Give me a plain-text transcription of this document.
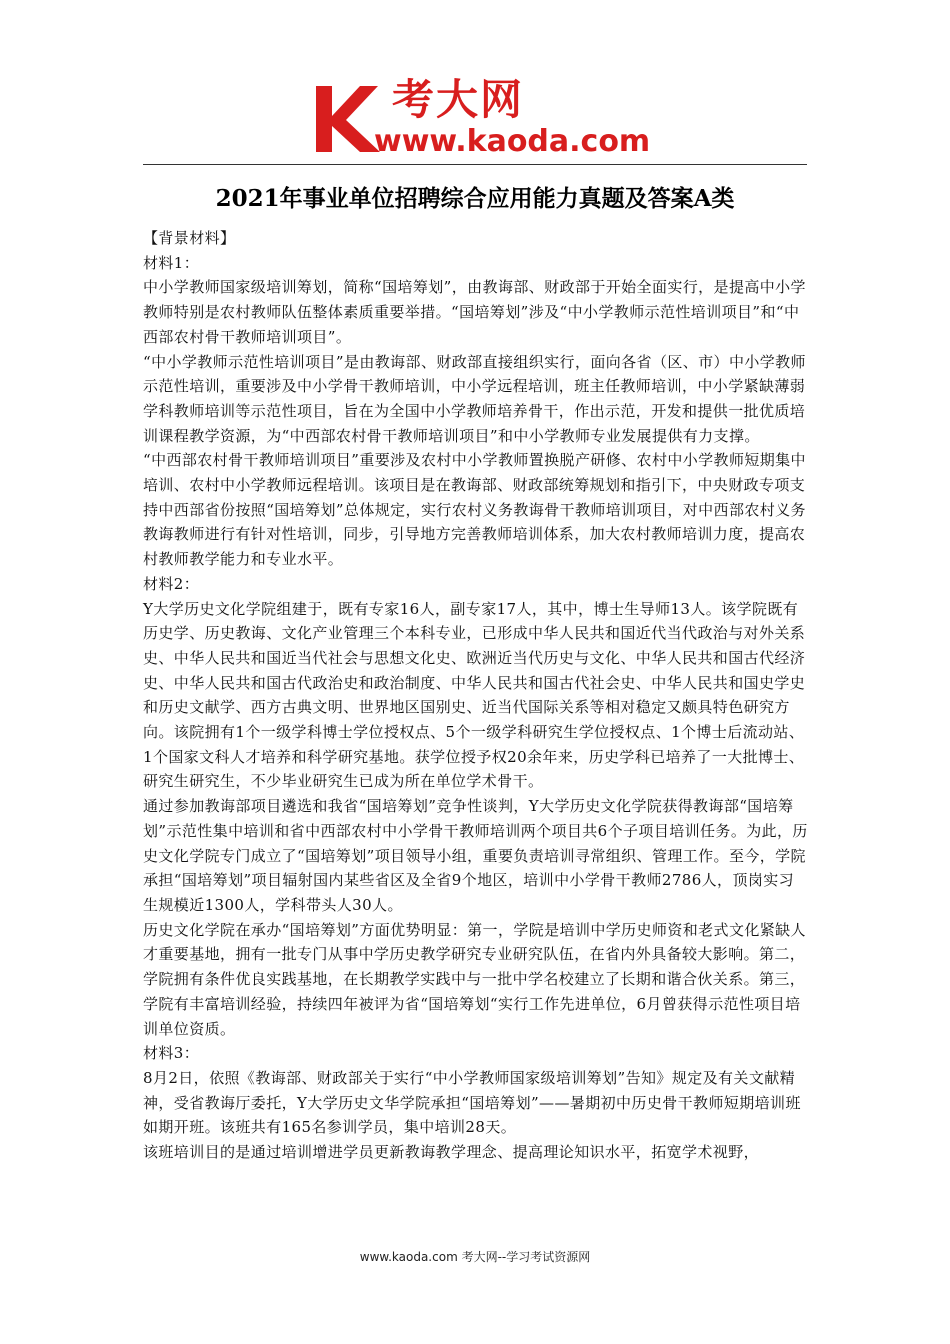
考大网
www.kaoda.com
2021年事业单位招聘综合应用能力真题及答案A类

【背景材料】

材料1：

中小学教师国家级培训筹划，简称“国培筹划”，由教诲部、财政部于开始全面实行，是提高中小学教师特别是农村教师队伍整体素质重要举措。“国培筹划”涉及“中小学教师示范性培训项目”和“中西部农村骨干教师培训项目”。

“中小学教师示范性培训项目”是由教诲部、财政部直接组织实行，面向各省（区、市）中小学教师示范性培训，重要涉及中小学骨干教师培训，中小学远程培训，班主任教师培训，中小学紧缺薄弱学科教师培训等示范性项目，旨在为全国中小学教师培养骨干，作出示范，开发和提供一批优质培训课程教学资源，为“中西部农村骨干教师培训项目”和中小学教师专业发展提供有力支撑。

“中西部农村骨干教师培训项目”重要涉及农村中小学教师置换脱产研修、农村中小学教师短期集中培训、农村中小学教师远程培训。该项目是在教诲部、财政部统筹规划和指引下，中央财政专项支持中西部省份按照“国培筹划”总体规定，实行农村义务教诲骨干教师培训项目，对中西部农村义务教诲教师进行有针对性培训，同步，引导地方完善教师培训体系，加大农村教师培训力度，提高农村教师教学能力和专业水平。

材料2：

Y大学历史文化学院组建于，既有专家16人，副专家17人，其中，博士生导师13人。该学院既有历史学、历史教诲、文化产业管理三个本科专业，已形成中华人民共和国近代当代政治与对外关系史、中华人民共和国近当代社会与思想文化史、欧洲近当代历史与文化、中华人民共和国古代经济史、中华人民共和国古代政治史和政治制度、中华人民共和国古代社会史、中华人民共和国史学史和历史文献学、西方古典文明、世界地区国别史、近当代国际关系等相对稳定又颇具特色研究方向。该院拥有1个一级学科博士学位授权点、5个一级学科研究生学位授权点、1个博士后流动站、1个国家文科人才培养和科学研究基地。获学位授予权20余年来，历史学科已培养了一大批博士、研究生研究生，不少毕业研究生已成为所在单位学术骨干。

通过参加教诲部项目遴选和我省“国培筹划”竞争性谈判，Y大学历史文化学院获得教诲部“国培筹划”示范性集中培训和省中西部农村中小学骨干教师培训两个项目共6个子项目培训任务。为此，历史文化学院专门成立了“国培筹划”项目领导小组，重要负责培训寻常组织、管理工作。至今，学院承担“国培筹划”项目辐射国内某些省区及全省9个地区，培训中小学骨干教师2786人，顶岗实习生规模近1300人，学科带头人30人。

历史文化学院在承办“国培筹划”方面优势明显：第一，学院是培训中学历史师资和老式文化紧缺人才重要基地，拥有一批专门从事中学历史教学研究专业研究队伍，在省内外具备较大影响。第二，学院拥有条件优良实践基地，在长期教学实践中与一批中学名校建立了长期和谐合伙关系。第三，学院有丰富培训经验，持续四年被评为省“国培筹划“实行工作先进单位，6月曾获得示范性项目培训单位资质。

材料3：

8月2日，依照《教诲部、财政部关于实行“中小学教师国家级培训筹划”告知》规定及有关文献精神，受省教诲厅委托，Y大学历史文华学院承担“国培筹划”——暑期初中历史骨干教师短期培训班如期开班。该班共有165名参训学员，集中培训28天。

该班培训目的是通过培训增进学员更新教诲教学理念、提高理论知识水平，拓宽学术视野，

www.kaoda.com 考大网--学习考试资源网
